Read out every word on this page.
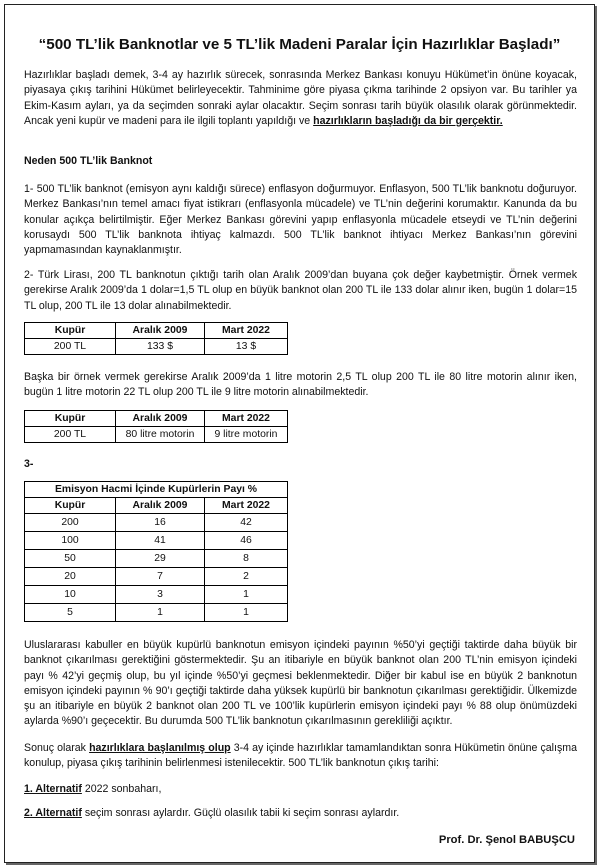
“500 TL’lik Banknotlar ve 5 TL’lik Madeni Paralar İçin Hazırlıklar Başladı”

Hazırlıklar başladı demek, 3-4 ay hazırlık sürecek, sonrasında Merkez Bankası konuyu Hükümet’in önüne koyacak, piyasaya çıkış tarihini Hükümet belirleyecektir. Tahminime göre piyasa çıkma tarihinde 2 opsiyon var. Bu tarihler ya Ekim-Kasım ayları, ya da seçimden sonraki aylar olacaktır. Seçim sonrası tarih büyük olasılık olarak görünmektedir. Ancak yeni kupür ve madeni para ile ilgili toplantı yapıldığı ve hazırlıkların başladığı da bir gerçektir.

Neden 500 TL’lik Banknot

1- 500 TL’lik banknot (emisyon aynı kaldığı sürece) enflasyon doğurmuyor. Enflasyon, 500 TL’lik banknotu doğuruyor. Merkez Bankası’nın temel amacı fiyat istikrarı (enflasyonla mücadele) ve TL’nin değerini korumaktır. Kanunda da bu konular açıkça belirtilmiştir. Eğer Merkez Bankası görevini yapıp enflasyonla mücadele etseydi ve TL’nin değerini korusaydı 500 TL’lik banknota ihtiyaç kalmazdı. 500 TL’lik banknot ihtiyacı Merkez Bankası’nın görevini yapmamasından kaynaklanmıştır.

2- Türk Lirası, 200 TL banknotun çıktığı tarih olan Aralık 2009’dan buyana çok değer kaybetmiştir. Örnek vermek gerekirse Aralık 2009’da 1 dolar=1,5 TL olup en büyük banknot olan 200 TL ile 133 dolar alınır iken, bugün 1 dolar=15 TL olup, 200 TL ile 13 dolar alınabilmektedir.

Kupür	Aralık 2009	Mart 2022
200 TL	133 $	13 $

Başka bir örnek vermek gerekirse Aralık 2009’da 1 litre motorin 2,5 TL olup 200 TL ile 80 litre motorin alınır iken, bugün 1 litre motorin 22 TL olup 200 TL ile 9 litre motorin alınabilmektedir.

Kupür	Aralık 2009	Mart 2022
200 TL	80 litre motorin	9 litre motorin
3-
Emisyon Hacmi İçinde Kupürlerin Payı %		
Kupür	Aralık 2009	Mart 2022
200	16	42
100	41	46
50	29	8
20	7	2
10	3	1
5	1	1

Uluslararası kabuller en büyük kupürlü banknotun emisyon içindeki payının %50’yi geçtiği taktirde daha büyük bir banknot çıkarılması gerektiğini göstermektedir. Şu an itibariyle en büyük banknot olan 200 TL’nin emisyon içindeki payı % 42’yi geçmiş olup, bu yıl içinde %50’yi geçmesi beklenmektedir. Diğer bir kabul ise en büyük 2 banknotun emisyon içindeki payının % 90’ı geçtiği taktirde daha yüksek kupürlü bir banknotun çıkarılması gerektiğidir. Ülkemizde şu an itibariyle en büyük 2 banknot olan 200 TL ve 100’lik kupürlerin emisyon içindeki payı % 88 olup önümüzdeki aylarda %90’ı geçecektir. Bu durumda 500 TL’lik banknotun çıkarılmasının gerekliliği açıktır.

Sonuç olarak hazırlıklara başlanılmış olup 3-4 ay içinde hazırlıklar tamamlandıktan sonra Hükümetin önüne çalışma konulup, piyasa çıkış tarihinin belirlenmesi istenilecektir. 500 TL’lik banknotun çıkış tarihi:

1. Alternatif 2022 sonbaharı,

2. Alternatif seçim sonrası aylardır. Güçlü olasılık tabii ki seçim sonrası aylardır.

Prof. Dr. Şenol BABUŞCU
